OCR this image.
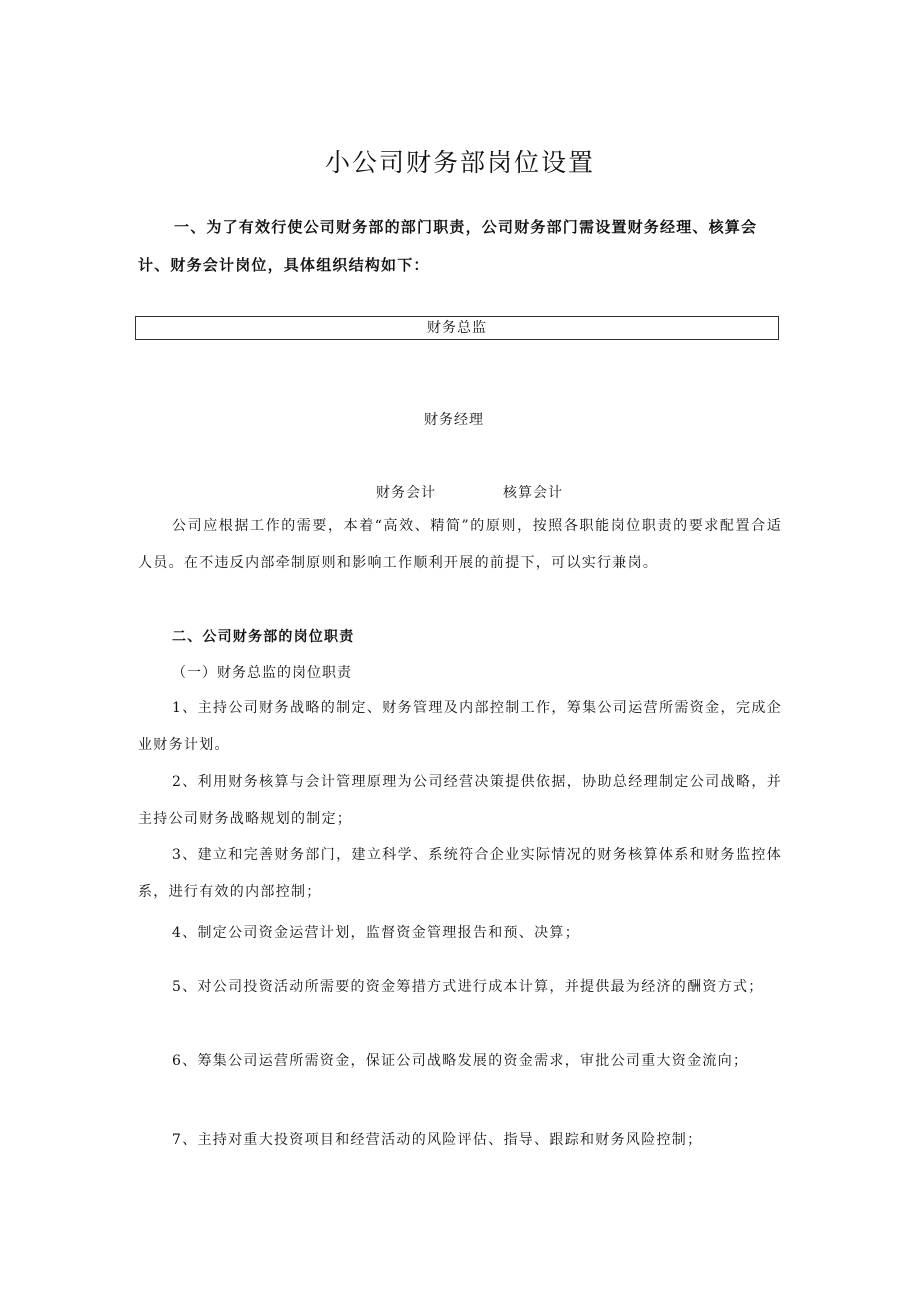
小公司财务部岗位设置
一、为了有效行使公司财务部的部门职责，公司财务部门需设置财务经理、核算会计、财务会计岗位，具体组织结构如下：
财务总监
财务经理
财务会计	核算会计
公司应根据工作的需要，本着“高效、精简”的原则，按照各职能岗位职责的要求配置合适人员。在不违反内部牵制原则和影响工作顺利开展的前提下，可以实行兼岗。
二、公司财务部的岗位职责
（一）财务总监的岗位职责
1、主持公司财务战略的制定、财务管理及内部控制工作，筹集公司运营所需资金，完成企业财务计划。
2、利用财务核算与会计管理原理为公司经营决策提供依据，协助总经理制定公司战略，并主持公司财务战略规划的制定；
3、建立和完善财务部门，建立科学、系统符合企业实际情况的财务核算体系和财务监控体系，进行有效的内部控制；
4、制定公司资金运营计划，监督资金管理报告和预、决算；
5、对公司投资活动所需要的资金筹措方式进行成本计算，并提供最为经济的酬资方式；
6、筹集公司运营所需资金，保证公司战略发展的资金需求，审批公司重大资金流向；
7、主持对重大投资项目和经营活动的风险评估、指导、跟踪和财务风险控制；
